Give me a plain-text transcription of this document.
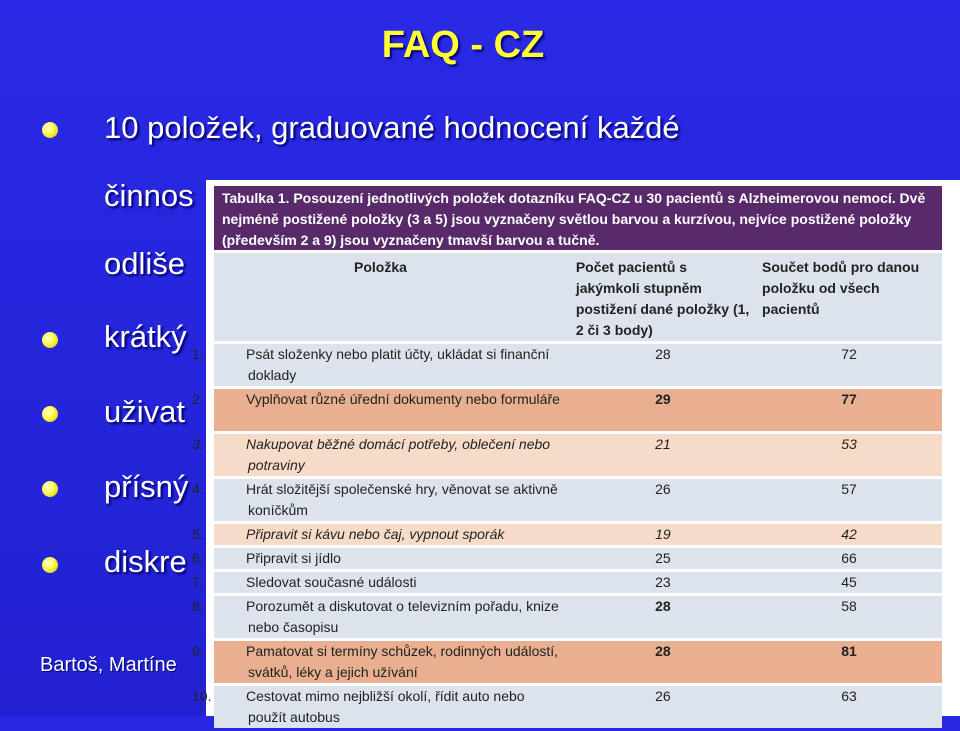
FAQ - CZ
10 položek, graduované hodnocení každé
činnos
odliše
krátký
uživat
přísný
diskre
Bartoš, Martíne
Tabulka 1. Posouzení jednotlivých položek dotazníku FAQ-CZ u 30 pacientů s Alzheimerovou nemocí. Dvě nejméně postižené položky (3 a 5) jsou vyznačeny světlou barvou a kurzívou, nejvíce postižené položky (především 2 a 9) jsou vyznačeny tmavší barvou a tučně.
Položka	Počet pacientů s jakýmkoli stupněm postižení dané položky (1, 2 či 3 body)	Součet bodů pro danou položku od všech pacientů

1. Psát složenky nebo platit účty, ukládat si finanční doklady	28	72

2. Vyplňovat různé úřední dokumenty nebo formuláře	29	77

3. Nakupovat běžné domácí potřeby, oblečení nebo potraviny	21	53

4. Hrát složitější společenské hry, věnovat se aktivně koníčkům	26	57

5. Připravit si kávu nebo čaj, vypnout sporák	19	42

6. Připravit si jídlo	25	66

7. Sledovat současné události	23	45

8. Porozumět a diskutovat o televizním pořadu, knize nebo časopisu	28	58

9. Pamatovat si termíny schůzek, rodinných událostí, svátků, léky a jejich užívání	28	81

10. Cestovat mimo nejbližší okolí, řídit auto nebo použít autobus	26	63
